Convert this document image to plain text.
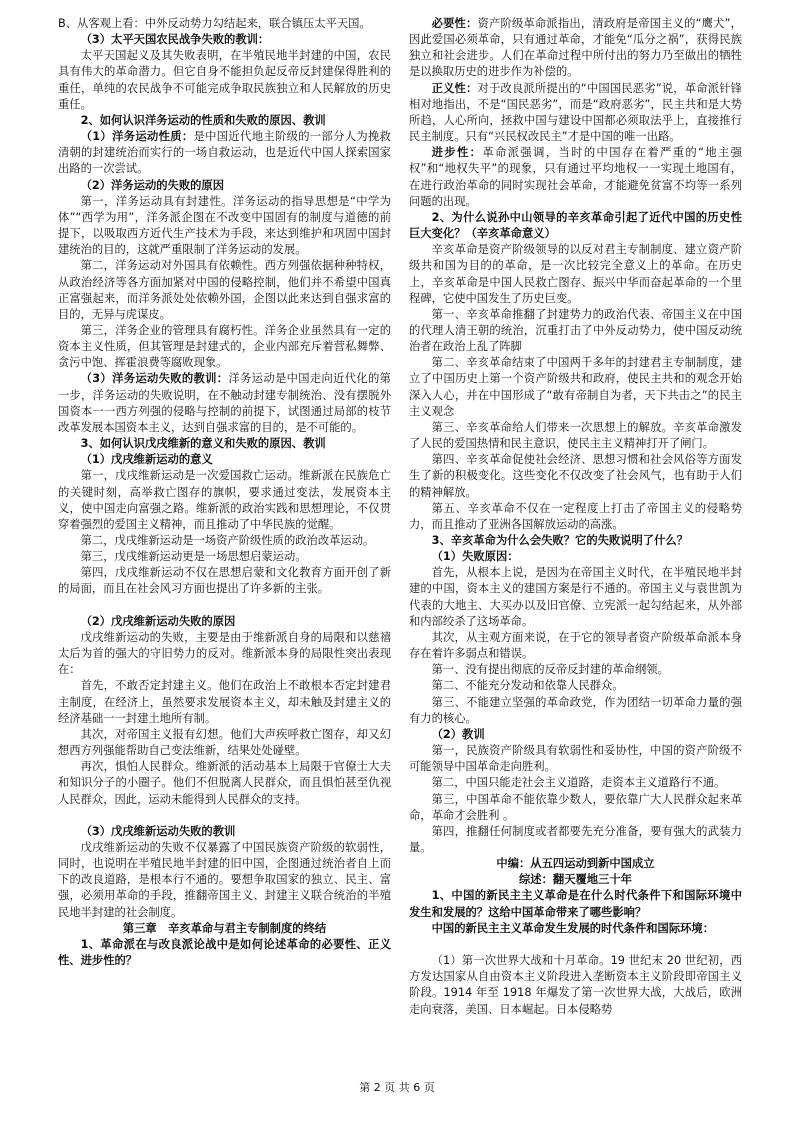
B、从客观上看：中外反动势力勾结起来，联合镇压太平天国。

（3）太平天国农民战争失败的教训：

太平天国起义及其失败表明，在半殖民地半封建的中国，农民具有伟大的革命潜力。但它自身不能担负起反帝反封建保得胜利的重任，单纯的农民战争不可能完成争取民族独立和人民解放的历史重任。

2、如何认识洋务运动的性质和失败的原因、教训

（1）洋务运动性质：是中国近代地主阶级的一部分人为挽救清朝的封建统治而实行的一场自救运动，也是近代中国人探索国家出路的一次尝试。

（2）洋务运动的失败的原因

第一，洋务运动具有封建性。洋务运动的指导思想是“中学为体”“西学为用”，洋务派企图在不改变中国固有的制度与道德的前提下，以吸取西方近代生产技术为手段，来达到维护和巩固中国封建统治的目的，这就严重限制了洋务运动的发展。

第二，洋务运动对外国具有依赖性。西方列强依据种种特权，从政治经济等各方面加紧对中国的侵略控制，他们并不希望中国真正富强起来，而洋务派处处依赖外国，企图以此来达到自强求富的目的，无异与虎谋皮。

第三，洋务企业的管理具有腐朽性。洋务企业虽然具有一定的资本主义性质，但其管理是封建式的，企业内部充斥着营私舞弊、贪污中饱、挥霍浪费等腐败现象。

（3）洋务运动失败的教训：洋务运动是中国走向近代化的第一步，洋务运动的失败说明，在不触动封建专制统治、没有摆脱外国资本一一西方列强的侵略与控制的前提下，试图通过局部的枝节改革发展本国资本主义，达到自强求富的目的，是不可能的。

3、如何认识戊戌维新的意义和失败的原因、教训

（1）戊戌维新运动的意义

第一，戊戌维新运动是一次爱国救亡运动。维新派在民族危亡的关键时刻，高举救亡图存的旗帜，要求通过变法，发展资本主义，使中国走向富强之路。维新派的政治实践和思想理论，不仅贯穿着强烈的爱国主义精神，而且推动了中华民族的觉醒。

第二，戊戌维新运动是一场资产阶级性质的政治改革运动。

第三，戊戌维新运动更是一场思想启蒙运动。

第四，戊戌维新运动不仅在思想启蒙和文化教育方面开创了新的局面，而且在社会风习方面也提出了许多新的主张。

（2）戊戌维新运动失败的原因

戊戌维新运动的失败，主要是由于维新派自身的局限和以慈禧太后为首的强大的守旧势力的反对。维新派本身的局限性突出表现在：

首先，不敢否定封建主义。他们在政治上不敢根本否定封建君主制度，在经济上，虽然要求发展资本主义，却未触及封建主义的经济基础一一封建土地所有制。

其次，对帝国主义报有幻想。他们大声疾呼救亡图存，却又幻想西方列强能帮助自己变法维新，结果处处碰壁。

再次，惧怕人民群众。维新派的活动基本上局限于官僚士大夫和知识分子的小圈子。他们不但脱离人民群众，而且惧怕甚至仇视人民群众，因此，运动未能得到人民群众的支持。

（3）戊戌维新运动失败的教训

戊戌维新运动的失败不仅暴露了中国民族资产阶级的软弱性，同时，也说明在半殖民地半封建的旧中国，企图通过统治者自上而下的改良道路，是根本行不通的。要想争取国家的独立、民主、富强，必须用革命的手段，推翻帝国主义、封建主义联合统治的半殖民地半封建的社会制度。

第三章　辛亥革命与君主专制制度的终结

1、革命派在与改良派论战中是如何论述革命的必要性、正义性、进步性的？

必要性：资产阶级革命派指出，清政府是帝国主义的“鹰犬”，因此爱国必须革命，只有通过革命，才能免“瓜分之祸”，获得民族独立和社会进步。人们在革命过程中所付出的努力乃至做出的牺牲是以换取历史的进步作为补偿的。

正义性：对于改良派所提出的“中国国民恶劣”说，革命派针锋相对地指出，不是“国民恶劣”，而是“政府恶劣”，民主共和是大势所趋，人心所向，拯救中国与建设中国都必须取法乎上，直接推行民主制度。只有“兴民权改民主”才是中国的唯一出路。

进步性：革命派强调，当时的中国存在着严重的“地主强权”和“地权失平”的现象，只有通过平均地权一一实现土地国有，在进行政治革命的同时实现社会革命，才能避免贫富不均等一系列问题的出现。

2、为什么说孙中山领导的辛亥革命引起了近代中国的历史性巨大变化？（辛亥革命意义）

辛亥革命是资产阶级领导的以反对君主专制制度、建立资产阶级共和国为目的的革命，是一次比较完全意义上的革命。在历史上，辛亥革命是中国人民救亡图存、振兴中华而奋起革命的一个里程碑，它使中国发生了历史巨变。

第一、辛亥革命推翻了封建势力的政治代表、帝国主义在中国的代理人清王朝的统治，沉重打击了中外反动势力，使中国反动统治者在政治上乱了阵脚

第二、辛亥革命结束了中国两千多年的封建君主专制制度，建立了中国历史上第一个资产阶级共和政府，使民主共和的观念开始深入人心，并在中国形成了“敢有帝制自为者，天下共击之”的民主主义观念

第三、辛亥革命给人们带来一次思想上的解放。辛亥革命激发了人民的爱国热情和民主意识，使民主主义精神打开了闸门。

第四、辛亥革命促使社会经济、思想习惯和社会风俗等方面发生了新的积极变化。这些变化不仅改变了社会风气，也有助于人们的精神解放。

第五、辛亥革命不仅在一定程度上打击了帝国主义的侵略势力，而且推动了亚洲各国解放运动的高涨。

3、辛亥革命为什么会失败？它的失败说明了什么？

（1）失败原因：

首先，从根本上说，是因为在帝国主义时代，在半殖民地半封建的中国，资本主义的建国方案是行不通的。帝国主义与袁世凯为代表的大地主、大买办以及旧官僚、立宪派一起勾结起来，从外部和内部绞杀了这场革命。

其次，从主观方面来说，在于它的领导者资产阶级革命派本身存在着许多弱点和错误。

第一、没有提出彻底的反帝反封建的革命纲领。

第二、不能充分发动和依靠人民群众。

第三、不能建立坚强的革命政党，作为团结一切革命力量的强有力的核心。

（2）教训

第一，民族资产阶级具有软弱性和妥协性，中国的资产阶级不可能领导中国革命走向胜利。

第二，中国只能走社会主义道路，走资本主义道路行不通。

第三，中国革命不能依靠少数人，要依靠广大人民群众起来革命，革命才会胜利 。

第四，推翻任何制度或者都要先充分准备，要有强大的武装力量。

中编：从五四运动到新中国成立

综述：翻天覆地三十年

1、中国的新民主主义革命是在什么时代条件下和国际环境中发生和发展的？这给中国革命带来了哪些影响？

中国的新民主主义革命发生发展的时代条件和国际环境：

（1）第一次世界大战和十月革命。19 世纪末 20 世纪初，西方发达国家从自由资本主义阶段进入垄断资本主义阶段即帝国主义阶段。1914 年至 1918 年爆发了第一次世界大战，大战后，欧洲走向衰落，美国、日本崛起。日本侵略势

第 2 页 共 6 页
